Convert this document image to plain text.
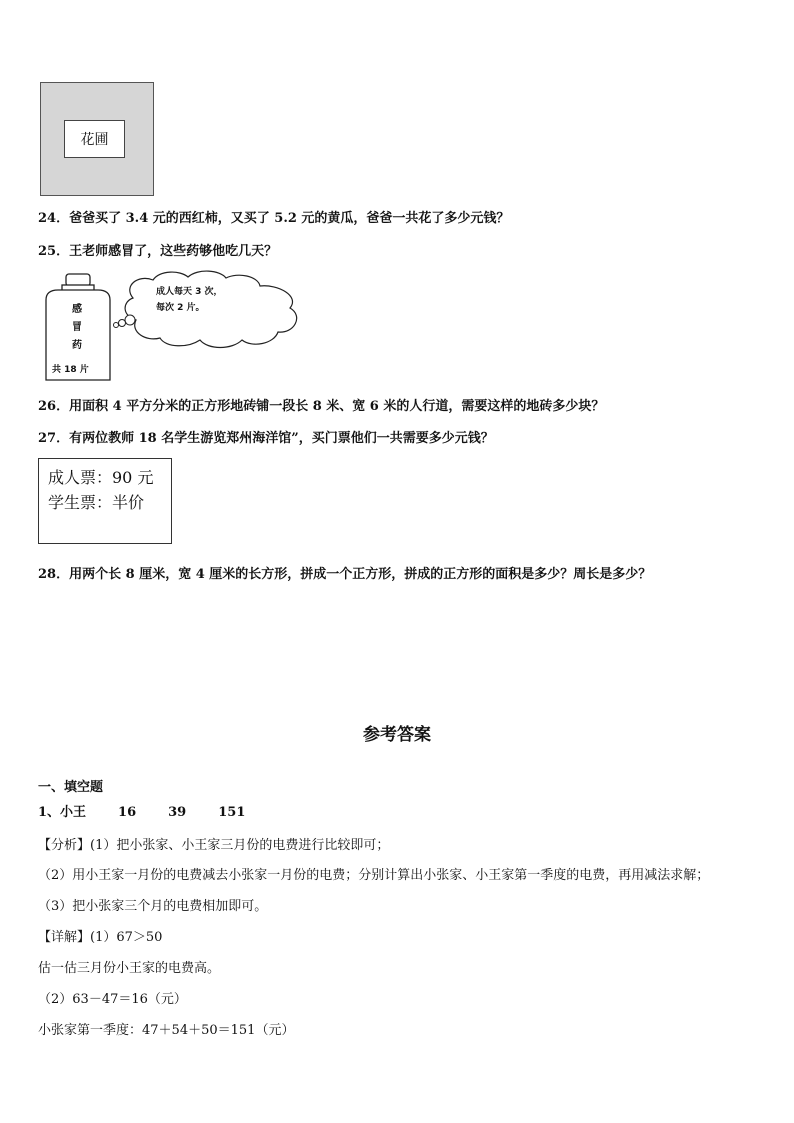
花圃
24．爸爸买了 3.4 元的西红柿，又买了 5.2 元的黄瓜，爸爸一共花了多少元钱？
25．王老师感冒了，这些药够他吃几天？
成人每天 3 次，
每次 2 片。
感
冒
药
共 18 片
26．用面积 4 平方分米的正方形地砖铺一段长 8 米、宽 6 米的人行道，需要这样的地砖多少块？
27．有两位教师 18 名学生游览郑州海洋馆”，买门票他们一共需要多少元钱？
成人票：90 元
学生票：半价
28．用两个长 8 厘米，宽 4 厘米的长方形，拼成一个正方形，拼成的正方形的面积是多少？周长是多少？
参考答案
一、填空题
1、小王 16 39 151
【分析】(1）把小张家、小王家三月份的电费进行比较即可；
（2）用小王家一月份的电费减去小张家一月份的电费；分别计算出小张家、小王家第一季度的电费，再用减法求解；
（3）把小张家三个月的电费相加即可。
【详解】(1）67＞50
估一估三月份小王家的电费高。
（2）63－47＝16（元）
小张家第一季度：47＋54＋50＝151（元）
